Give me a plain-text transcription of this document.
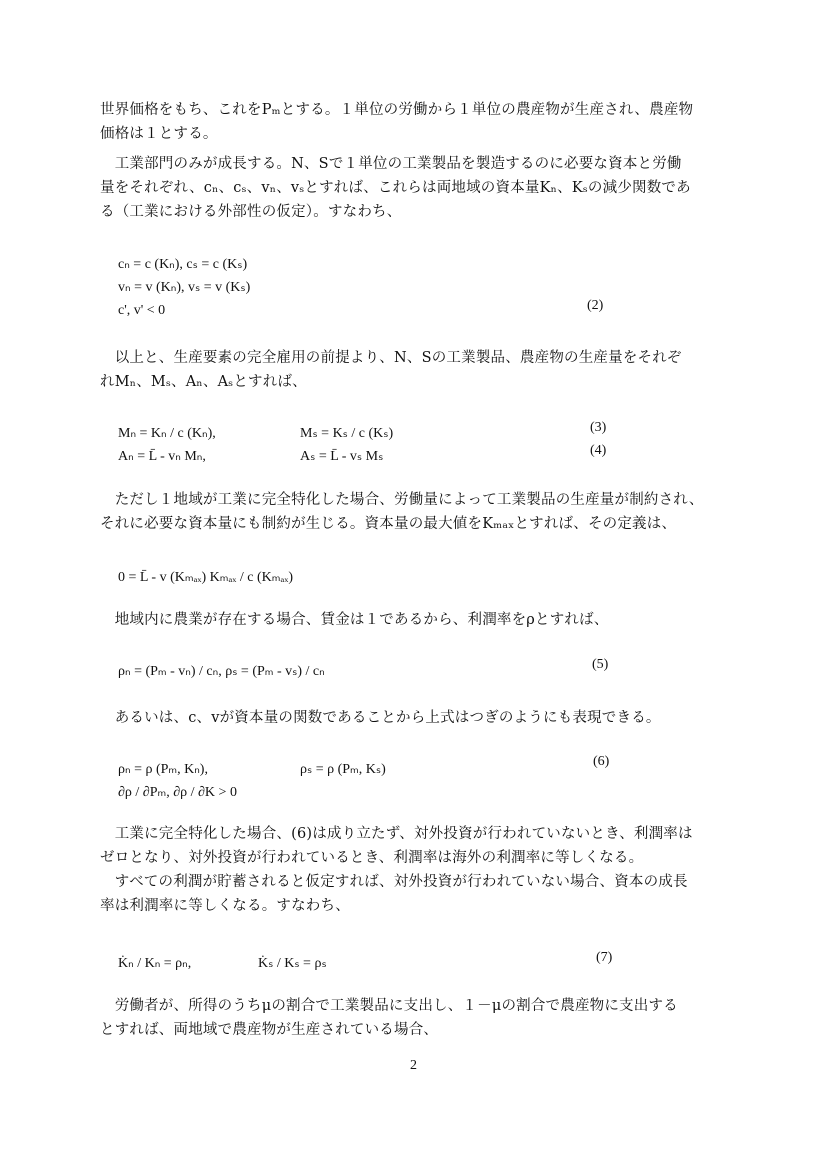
世界価格をもち、これをPₘとする。１単位の労働から１単位の農産物が生産され、農産物
価格は１とする。
　工業部門のみが成長する。N、Sで１単位の工業製品を製造するのに必要な資本と労働
量をそれぞれ、cₙ、cₛ、vₙ、vₛとすれば、これらは両地域の資本量Kₙ、Kₛの減少関数であ
る（工業における外部性の仮定）。すなわち、
cₙ = c (Kₙ), cₛ = c (Kₛ)
vₙ = v (Kₙ), vₛ = v (Kₛ)
c', v' < 0	(2)
　以上と、生産要素の完全雇用の前提より、N、Sの工業製品、農産物の生産量をそれぞ
れMₙ、Mₛ、Aₙ、Aₛとすれば、
Mₙ = Kₙ / c (Kₙ),	Mₛ = Kₛ / c (Kₛ)
Aₙ = L̄ - vₙ Mₙ,	Aₛ = L̄ - vₛ Mₛ
(3)
(4)
　ただし１地域が工業に完全特化した場合、労働量によって工業製品の生産量が制約され、
それに必要な資本量にも制約が生じる。資本量の最大値をKₘₐₓとすれば、その定義は、
0 = L̄ - v (Kₘₐₓ) Kₘₐₓ / c (Kₘₐₓ)
　地域内に農業が存在する場合、賃金は１であるから、利潤率をρとすれば、
ρₙ = (Pₘ - vₙ) / cₙ, ρₛ = (Pₘ - vₛ) / cₙ	(5)
　あるいは、c、vが資本量の関数であることから上式はつぎのようにも表現できる。
ρₙ = ρ (Pₘ, Kₙ),	ρₛ = ρ (Pₘ, Kₛ)
∂ρ / ∂Pₘ, ∂ρ / ∂K > 0
(6)
　工業に完全特化した場合、(6)は成り立たず、対外投資が行われていないとき、利潤率は
ゼロとなり、対外投資が行われているとき、利潤率は海外の利潤率に等しくなる。
　すべての利潤が貯蓄されると仮定すれば、対外投資が行われていない場合、資本の成長
率は利潤率に等しくなる。すなわち、
K̇ₙ / Kₙ = ρₙ,	K̇ₛ / Kₛ = ρₛ	(7)
　労働者が、所得のうちμの割合で工業製品に支出し、１－μの割合で農産物に支出する
とすれば、両地域で農産物が生産されている場合、
2
